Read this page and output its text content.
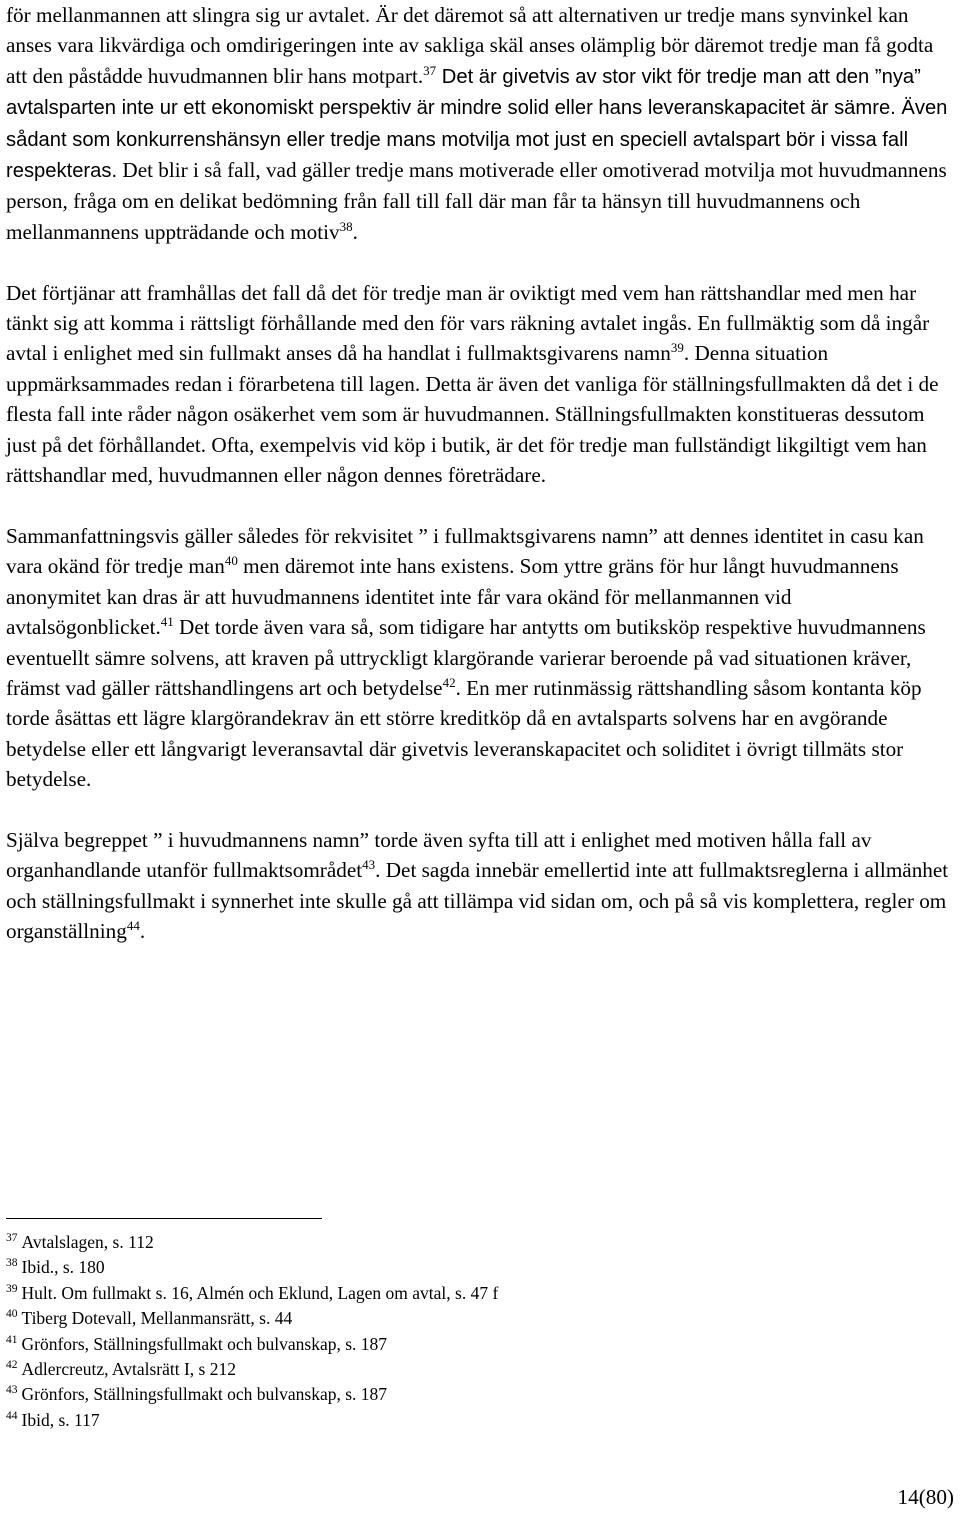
för mellanmannen att slingra sig ur avtalet. Är det däremot så att alternativen ur tredje mans synvinkel kan anses vara likvärdiga och omdirigeringen inte av sakliga skäl anses olämplig bör däremot tredje man få godta att den påstådde huvudmannen blir hans motpart.$^{37}$ Det är givetvis av stor vikt för tredje man att den ”nya” avtalsparten inte ur ett ekonomiskt perspektiv är mindre solid eller hans leveranskapacitet är sämre. Även sådant som konkurrenshänsyn eller tredje mans motvilja mot just en speciell avtalspart bör i vissa fall respekteras. Det blir i så fall, vad gäller tredje mans motiverade eller omotiverad motvilja mot huvudmannens person, fråga om en delikat bedömning från fall till fall där man får ta hänsyn till huvudmannens och mellanmannens uppträdande och motiv$^{38}$.

Det förtjänar att framhållas det fall då det för tredje man är oviktigt med vem han rättshandlar med men har tänkt sig att komma i rättsligt förhållande med den för vars räkning avtalet ingås. En fullmäktig som då ingår avtal i enlighet med sin fullmakt anses då ha handlat i fullmaktsgivarens namn$^{39}$. Denna situation uppmärksammades redan i förarbetena till lagen. Detta är även det vanliga för ställningsfullmakten då det i de flesta fall inte råder någon osäkerhet vem som är huvudmannen. Ställningsfullmakten konstitueras dessutom just på det förhållandet. Ofta, exempelvis vid köp i butik, är det för tredje man fullständigt likgiltigt vem han rättshandlar med, huvudmannen eller någon dennes företrädare.

Sammanfattningsvis gäller således för rekvisitet ” i fullmaktsgivarens namn” att dennes identitet in casu kan vara okänd för tredje man$^{40}$ men däremot inte hans existens. Som yttre gräns för hur långt huvudmannens anonymitet kan dras är att huvudmannens identitet inte får vara okänd för mellanmannen vid avtalsögonblicket.$^{41}$ Det torde även vara så, som tidigare har antytts om butiksköp respektive huvudmannens eventuellt sämre solvens, att kraven på uttryckligt klargörande varierar beroende på vad situationen kräver, främst vad gäller rättshandlingens art och betydelse$^{42}$. En mer rutinmässig rättshandling såsom kontanta köp torde åsättas ett lägre klargörandekrav än ett större kreditköp då en avtalsparts solvens har en avgörande betydelse eller ett långvarigt leveransavtal där givetvis leveranskapacitet och soliditet i övrigt tillmäts stor betydelse.

Själva begreppet ” i huvudmannens namn” torde även syfta till att i enlighet med motiven hålla fall av organhandlande utanför fullmaktsområdet$^{43}$. Det sagda innebär emellertid inte att fullmaktsreglerna i allmänhet och ställningsfullmakt i synnerhet inte skulle gå att tillämpa vid sidan om, och på så vis komplettera, regler om organställning$^{44}$.

$^{37}$ Avtalslagen, s. 112

$^{38}$ Ibid., s. 180

$^{39}$ Hult. Om fullmakt s. 16, Almén och Eklund, Lagen om avtal, s. 47 f

$^{40}$ Tiberg Dotevall, Mellanmansrätt, s. 44

$^{41}$ Grönfors, Ställningsfullmakt och bulvanskap, s. 187

$^{42}$ Adlercreutz, Avtalsrätt I, s 212

$^{43}$ Grönfors, Ställningsfullmakt och bulvanskap, s. 187

$^{44}$ Ibid, s. 117

14(80)
